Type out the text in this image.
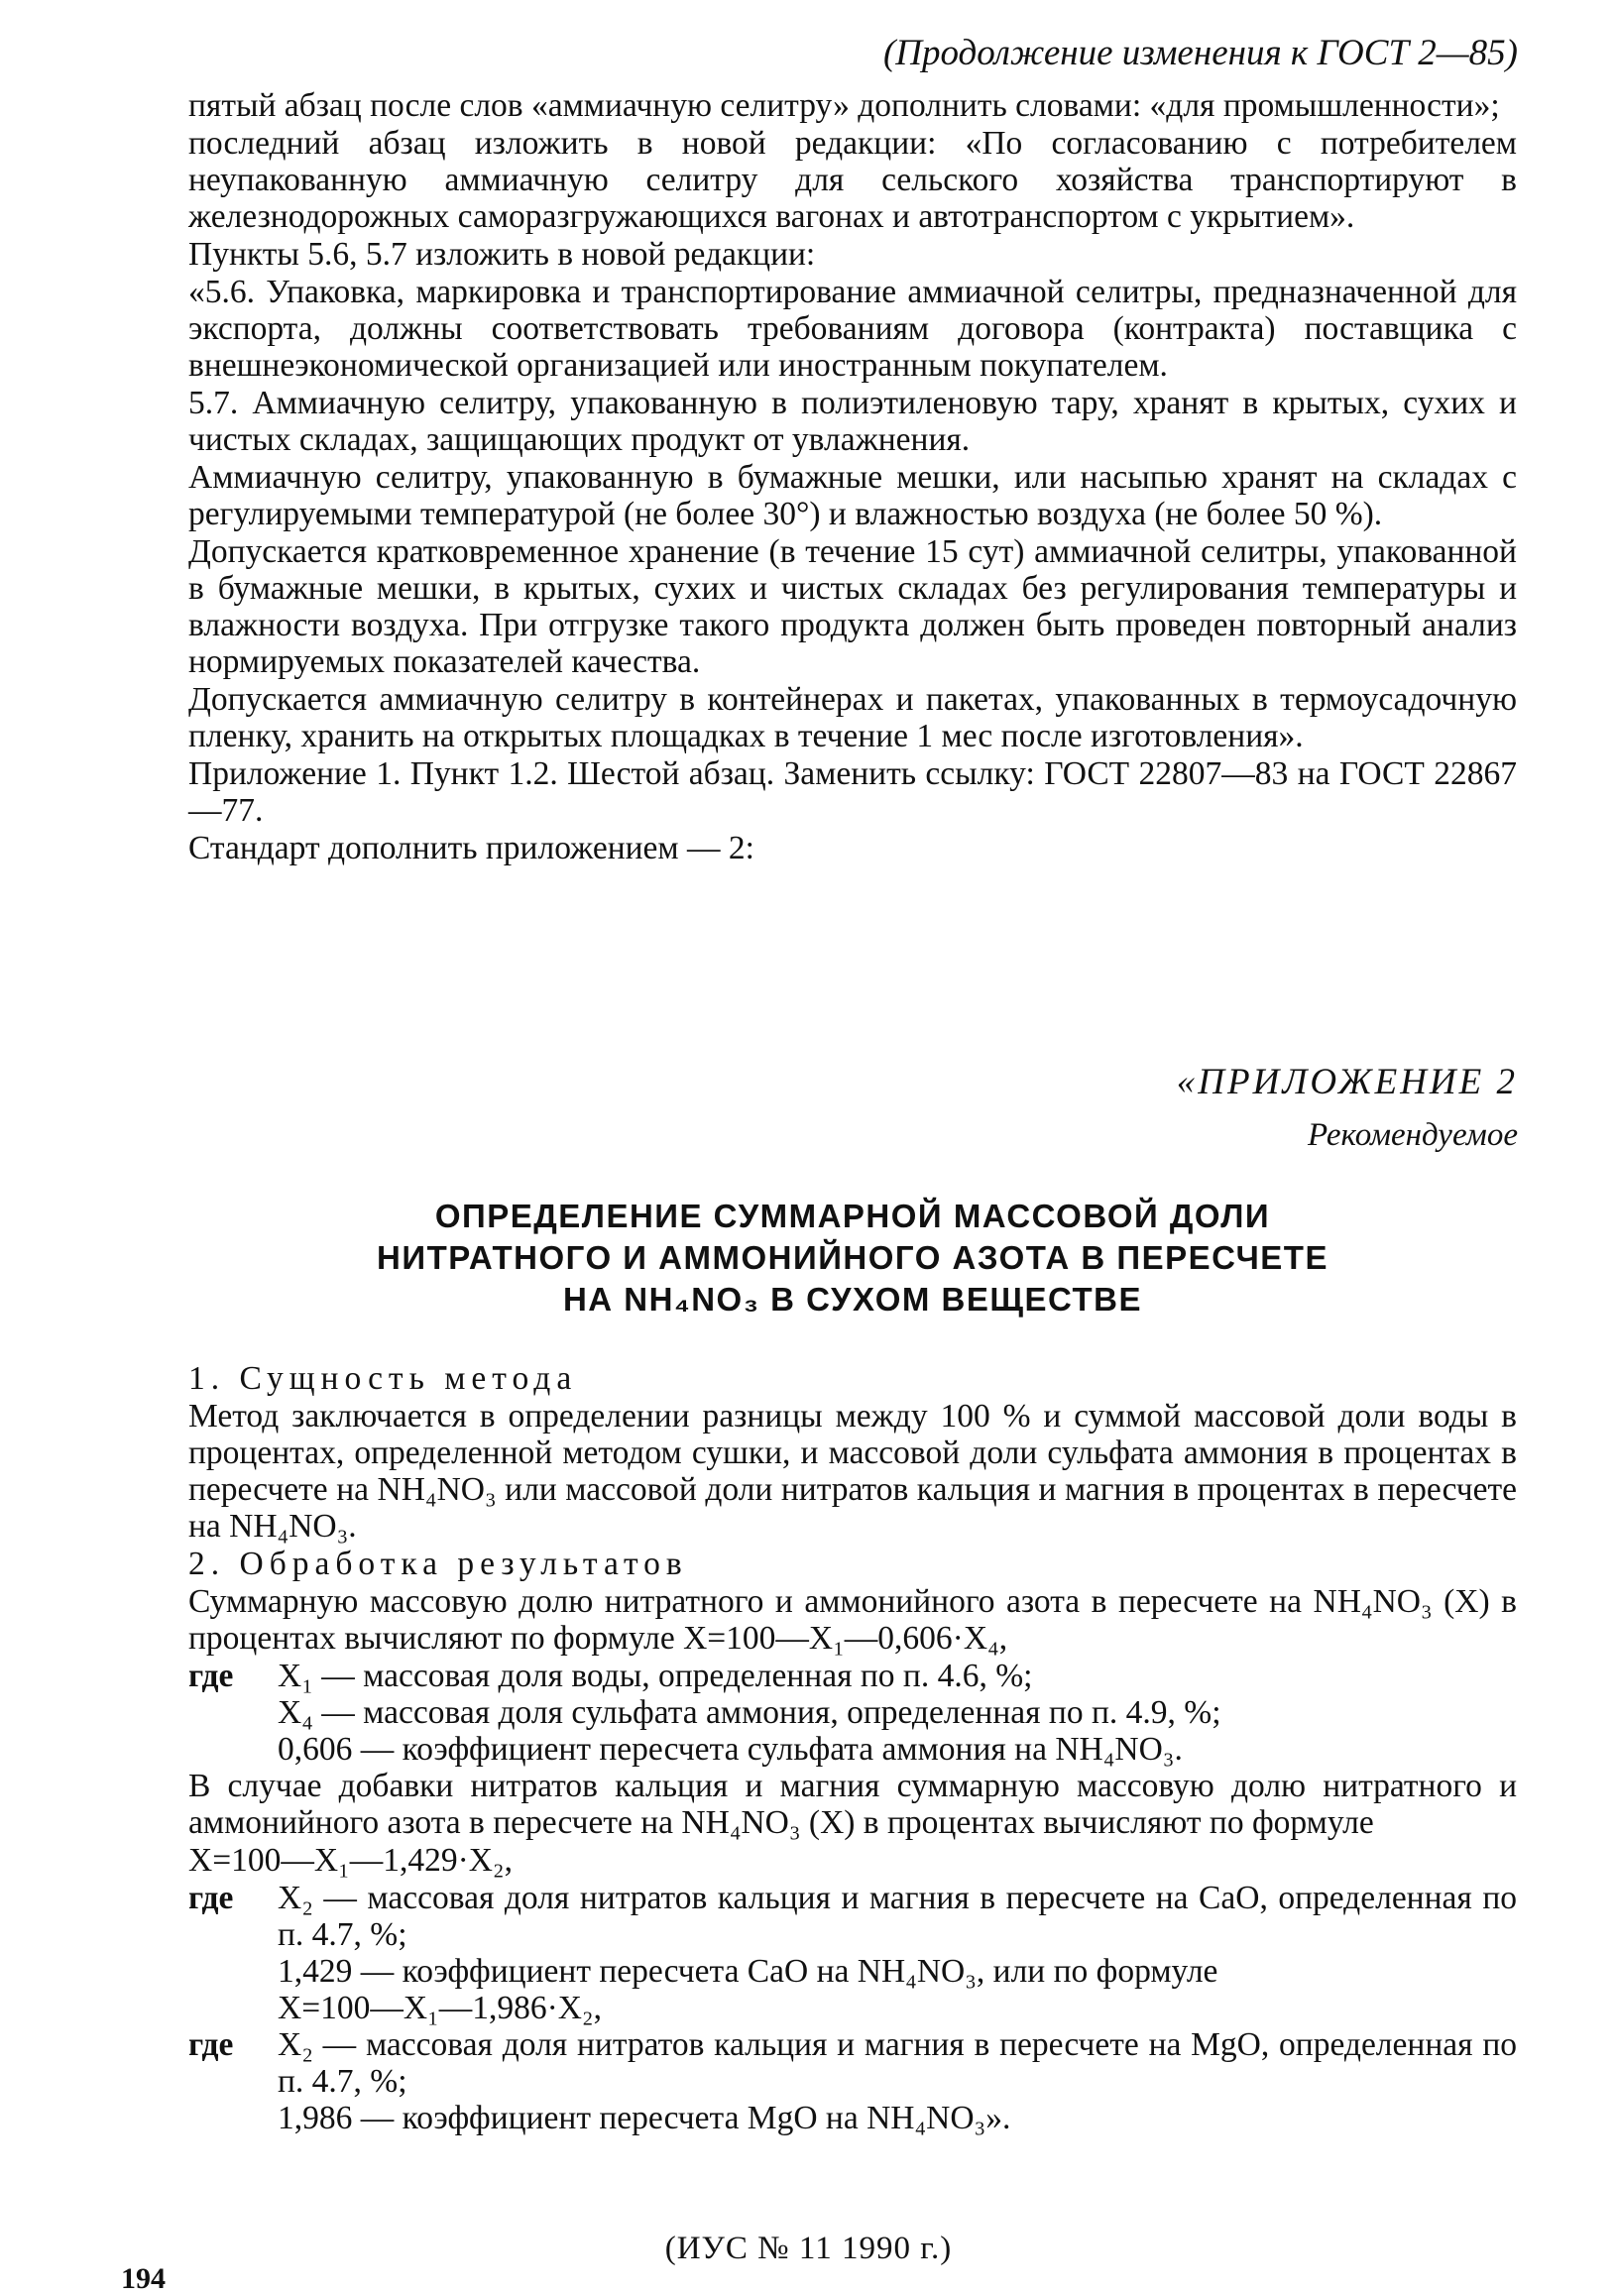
(Продолжение изменения к ГОСТ 2—85)

пятый абзац после слов «аммиачную селитру» дополнить словами: «для промышленности»;

последний абзац изложить в новой редакции: «По согласованию с потребителем неупакованную аммиачную селитру для сельского хозяйства транспортируют в железнодорожных саморазгружающихся вагонах и автотранспортом с укрытием».

Пункты 5.6, 5.7 изложить в новой редакции:

«5.6. Упаковка, маркировка и транспортирование аммиачной селитры, предназначенной для экспорта, должны соответствовать требованиям договора (контракта) поставщика с внешнеэкономической организацией или иностранным покупателем.

5.7. Аммиачную селитру, упакованную в полиэтиленовую тару, хранят в крытых, сухих и чистых складах, защищающих продукт от увлажнения.

Аммиачную селитру, упакованную в бумажные мешки, или насыпью хранят на складах с регулируемыми температурой (не более 30°) и влажностью воздуха (не более 50 %).

Допускается кратковременное хранение (в течение 15 сут) аммиачной селитры, упакованной в бумажные мешки, в крытых, сухих и чистых складах без регулирования температуры и влажности воздуха. При отгрузке такого продукта должен быть проведен повторный анализ нормируемых показателей качества.

Допускается аммиачную селитру в контейнерах и пакетах, упакованных в термоусадочную пленку, хранить на открытых площадках в течение 1 мес после изготовления».

Приложение 1. Пункт 1.2. Шестой абзац. Заменить ссылку: ГОСТ 22807—83 на ГОСТ 22867—77.

Стандарт дополнить приложением — 2:

«ПРИЛОЖЕНИЕ 2
Рекомендуемое
ОПРЕДЕЛЕНИЕ СУММАРНОЙ МАССОВОЙ ДОЛИ
НИТРАТНОГО И АММОНИЙНОГО АЗОТА В ПЕРЕСЧЕТЕ
НА NH₄NO₃ В СУХОМ ВЕЩЕСТВЕ

1. Сущность метода

Метод заключается в определении разницы между 100 % и суммой массовой доли воды в процентах, определенной методом сушки, и массовой доли сульфата аммония в процентах в пересчете на NH₄NO₃ или массовой доли нитратов кальция и магния в процентах в пересчете на NH₄NO₃.

2. Обработка результатов

Суммарную массовую долю нитратного и аммонийного азота в пересчете на NH₄NO₃ (X) в процентах вычисляют по формуле X=100—X₁—0,606·X₄,

где	X₁ — массовая доля воды, определенная по п. 4.6, %;
X₄ — массовая доля сульфата аммония, определенная по п. 4.9, %;
0,606 — коэффициент пересчета сульфата аммония на NH₄NO₃.

В случае добавки нитратов кальция и магния суммарную массовую долю нитратного и аммонийного азота в пересчете на NH₄NO₃ (X) в процентах вычисляют по формуле

X=100—X₁—1,429·X₂,

где	X₂ — массовая доля нитратов кальция и магния в пересчете на CaO, определенная по п. 4.7, %;
1,429 — коэффициент пересчета CaO на NH₄NO₃, или по формуле
X=100—X₁—1,986·X₂,
где	X₂ — массовая доля нитратов кальция и магния в пересчете на MgO, определенная по п. 4.7, %;
1,986 — коэффициент пересчета MgO на NH₄NO₃».
(ИУС № 11 1990 г.)
194
